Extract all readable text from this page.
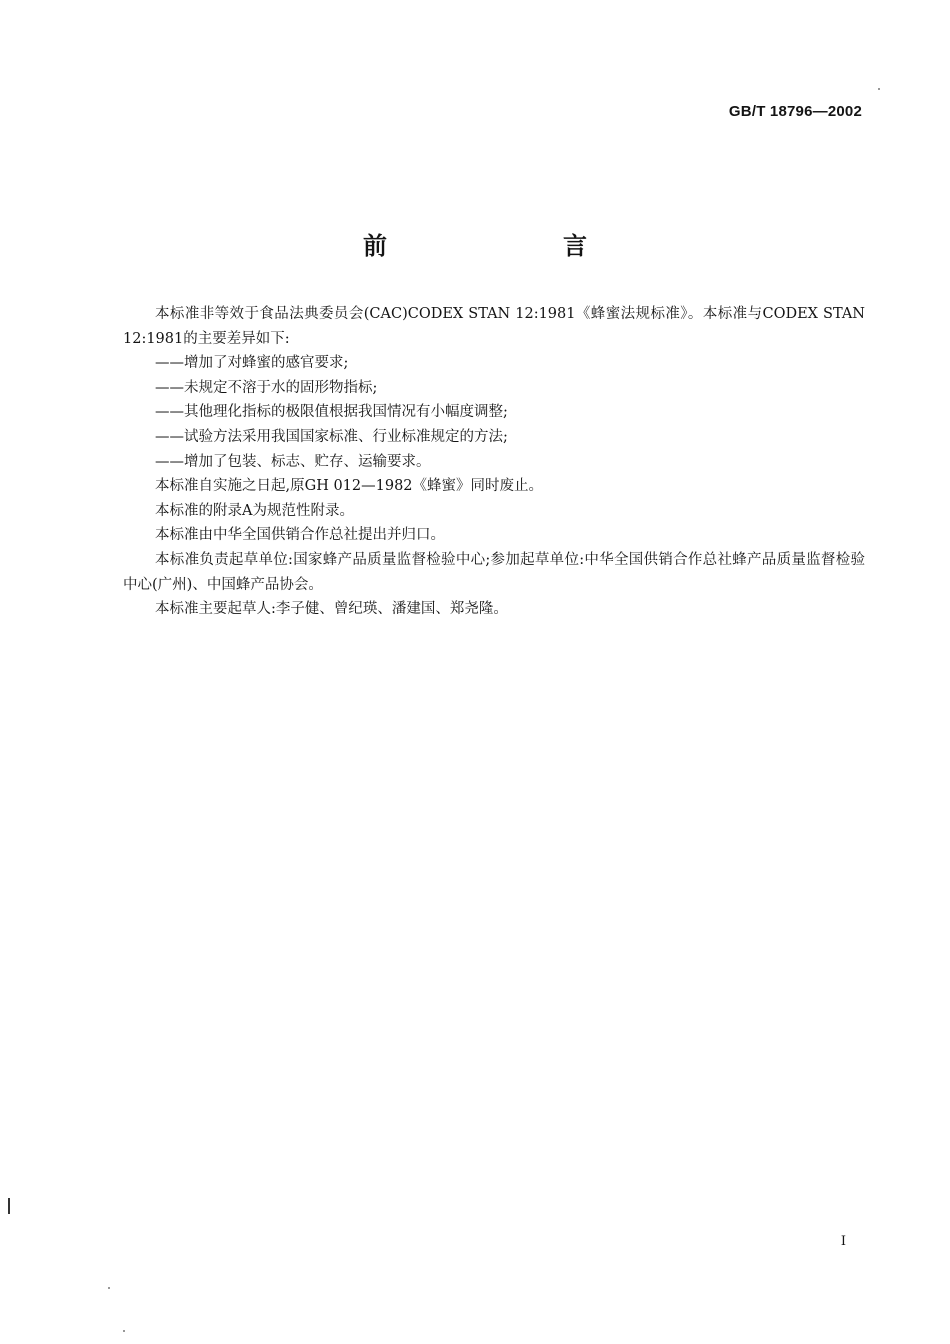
GB/T 18796—2002
前　言

本标准非等效于食品法典委员会(CAC)CODEX STAN 12:1981《蜂蜜法规标准》。本标准与CODEX STAN 12:1981的主要差异如下:

——增加了对蜂蜜的感官要求;
——未规定不溶于水的固形物指标;
——其他理化指标的极限值根据我国情况有小幅度调整;
——试验方法采用我国国家标准、行业标准规定的方法;
——增加了包装、标志、贮存、运输要求。

本标准自实施之日起,原GH 012—1982《蜂蜜》同时废止。

本标准的附录A为规范性附录。

本标准由中华全国供销合作总社提出并归口。

本标准负责起草单位:国家蜂产品质量监督检验中心;参加起草单位:中华全国供销合作总社蜂产品质量监督检验中心(广州)、中国蜂产品协会。

本标准主要起草人:李子健、曾纪瑛、潘建国、郑尧隆。

I
